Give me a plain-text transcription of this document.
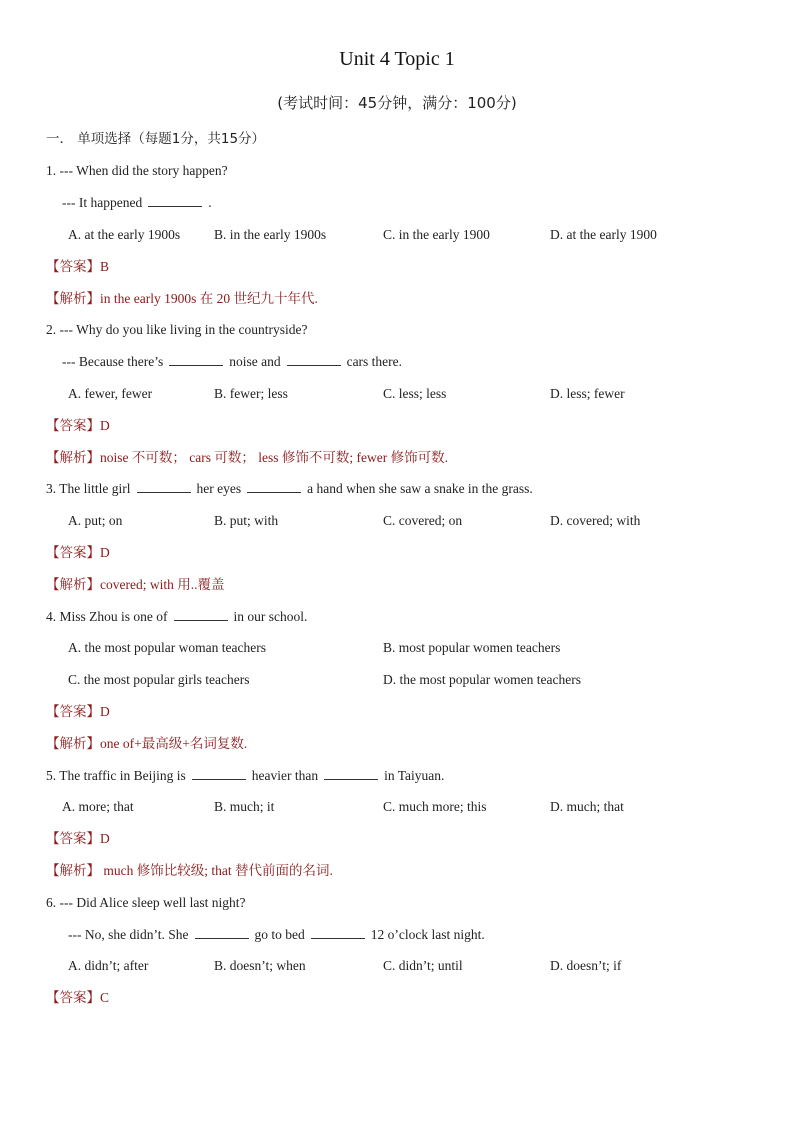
Unit 4 Topic 1
(考试时间：45分钟，满分：100分)
一． 单项选择（每题1分，共15分）
1. --- When did the story happen?
--- It happened	.
A. at the early 1900s	B. in the early 1900s	C. in the early 1900	D. at the early 1900
【答案】B
【解析】in the early 1900s 在 20 世纪九十年代.
2. --- Why do you like living in the countryside?
--- Because there’s	noise and	cars there.
A. fewer, fewer	B. fewer; less	C. less; less	D. less; fewer
【答案】D
【解析】noise 不可数； cars 可数； less 修饰不可数; fewer 修饰可数.
3. The little girl	her eyes	a hand when she saw a snake in the grass.
A. put; on	B. put; with	C. covered; on	D. covered; with
【答案】D
【解析】covered; with 用..覆盖
4. Miss Zhou is one of	in our school.
A. the most popular woman teachers	B. most popular women teachers
C. the most popular girls teachers	D. the most popular women teachers
【答案】D
【解析】one of+最高级+名词复数.
5. The traffic in Beijing is	heavier than	in Taiyuan.
A. more; that	B. much; it	C. much more; this	D. much; that
【答案】D
【解析】 much 修饰比较级; that 替代前面的名词.
6. --- Did Alice sleep well last night?
--- No, she didn’t. She	go to bed	12 o’clock last night.
A. didn’t; after	B. doesn’t; when	C. didn’t; until	D. doesn’t; if
【答案】C
